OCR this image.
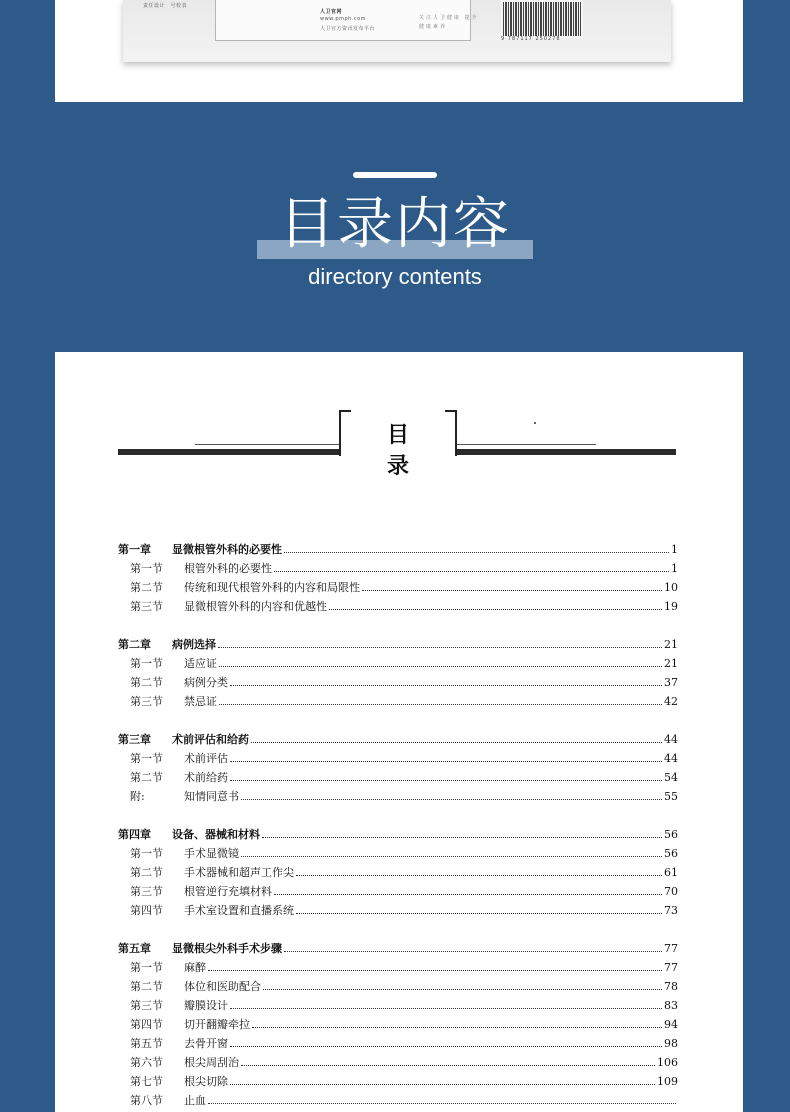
责任设计　号校表
人卫官网
www.pmph.com
人卫官方资讯发布平台
关注人卫健康 提升健康素养
9 787117 250278
目录内容
directory contents
目录
第一章 显微根管外科的必要性	1
第一节 根管外科的必要性	1
第二节 传统和现代根管外科的内容和局限性	10
第三节 显微根管外科的内容和优越性	19
第二章 病例选择	21
第一节 适应证	21
第二节 病例分类	37
第三节 禁忌证	42
第三章 术前评估和给药	44
第一节 术前评估	44
第二节 术前给药	54
附:	知情同意书	55
第四章 设备、器械和材料	56
第一节 手术显微镜	56
第二节 手术器械和超声工作尖	61
第三节 根管逆行充填材料	70
第四节 手术室设置和直播系统	73
第五章 显微根尖外科手术步骤	77
第一节 麻醉	77
第二节 体位和医助配合	78
第三节 瓣膜设计	83
第四节 切开翻瓣牵拉	94
第五节 去骨开窗	98
第六节 根尖周刮治	106
第七节 根尖切除	109
第八节 止血
